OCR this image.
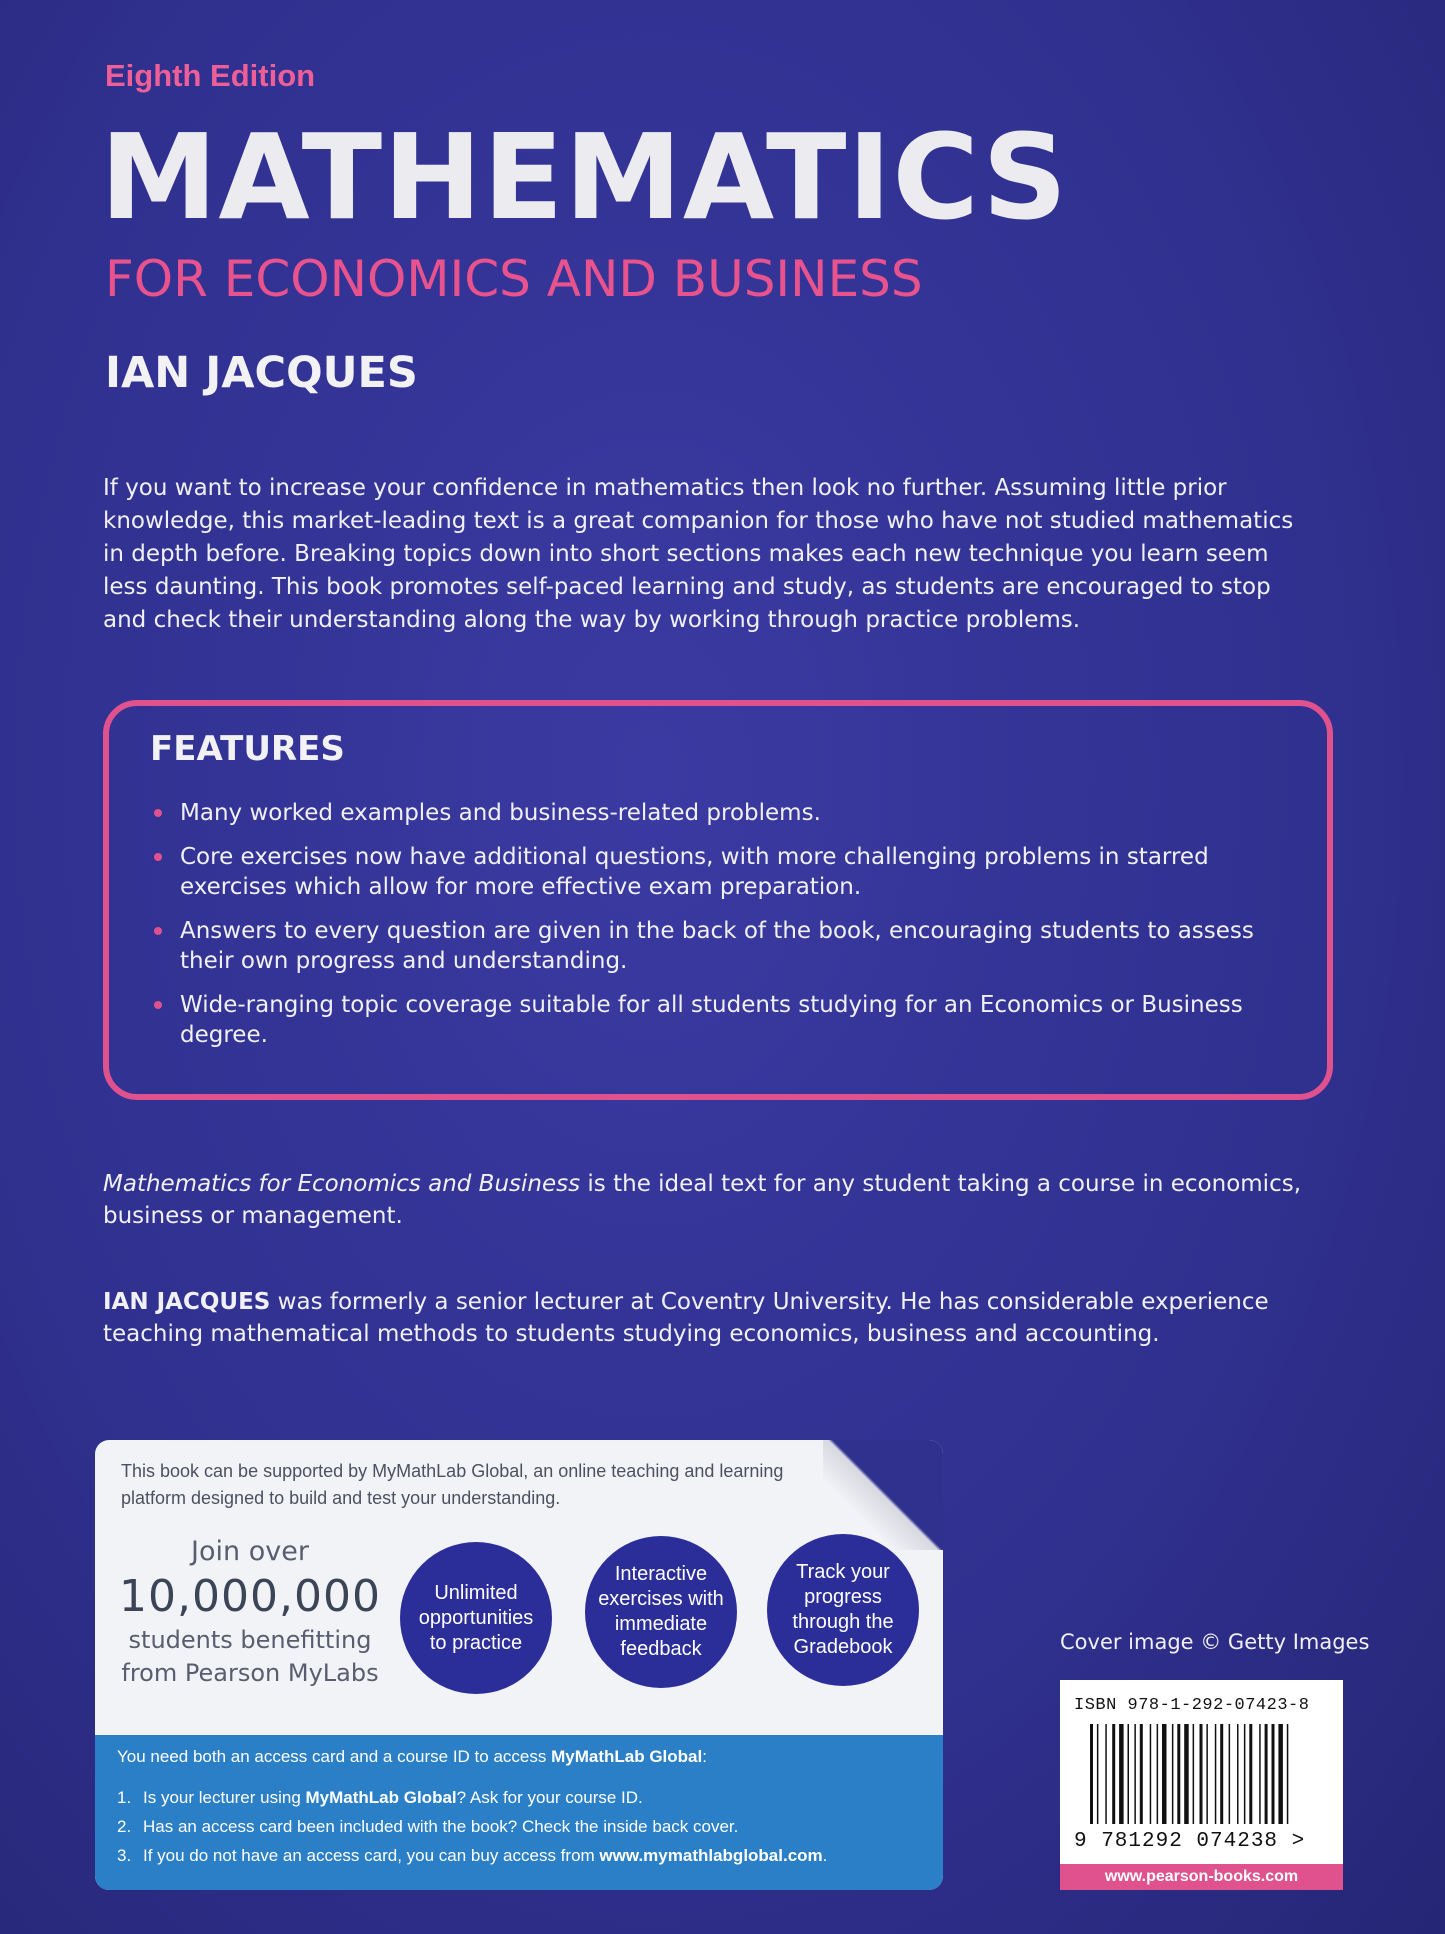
Eighth Edition
MATHEMATICS
FOR ECONOMICS AND BUSINESS
IAN JACQUES
If you want to increase your confidence in mathematics then look no further. Assuming little prior knowledge, this market-leading text is a great companion for those who have not studied mathematics in depth before. Breaking topics down into short sections makes each new technique you learn seem less daunting. This book promotes self-paced learning and study, as students are encouraged to stop and check their understanding along the way by working through practice problems.
FEATURES
Many worked examples and business-related problems.
Core exercises now have additional questions, with more challenging problems in starred exercises which allow for more effective exam preparation.
Answers to every question are given in the back of the book, encouraging students to assess their own progress and understanding.
Wide-ranging topic coverage suitable for all students studying for an Economics or Business degree.
Mathematics for Economics and Business is the ideal text for any student taking a course in economics, business or management.
IAN JACQUES was formerly a senior lecturer at Coventry University. He has considerable experience teaching mathematical methods to students studying economics, business and accounting.
This book can be supported by MyMathLab Global, an online teaching and learning platform designed to build and test your understanding.
Join over
10,000,000
students benefitting
from Pearson MyLabs
Unlimited opportunities to practice
Interactive exercises with immediate feedback
Track your progress through the Gradebook
You need both an access card and a course ID to access MyMathLab Global:
1. Is your lecturer using MyMathLab Global? Ask for your course ID.
2. Has an access card been included with the book? Check the inside back cover.
3. If you do not have an access card, you can buy access from www.mymathlabglobal.com.
Cover image © Getty Images
ISBN 978-1-292-07423-8
9 781292 074238 >
www.pearson-books.com
